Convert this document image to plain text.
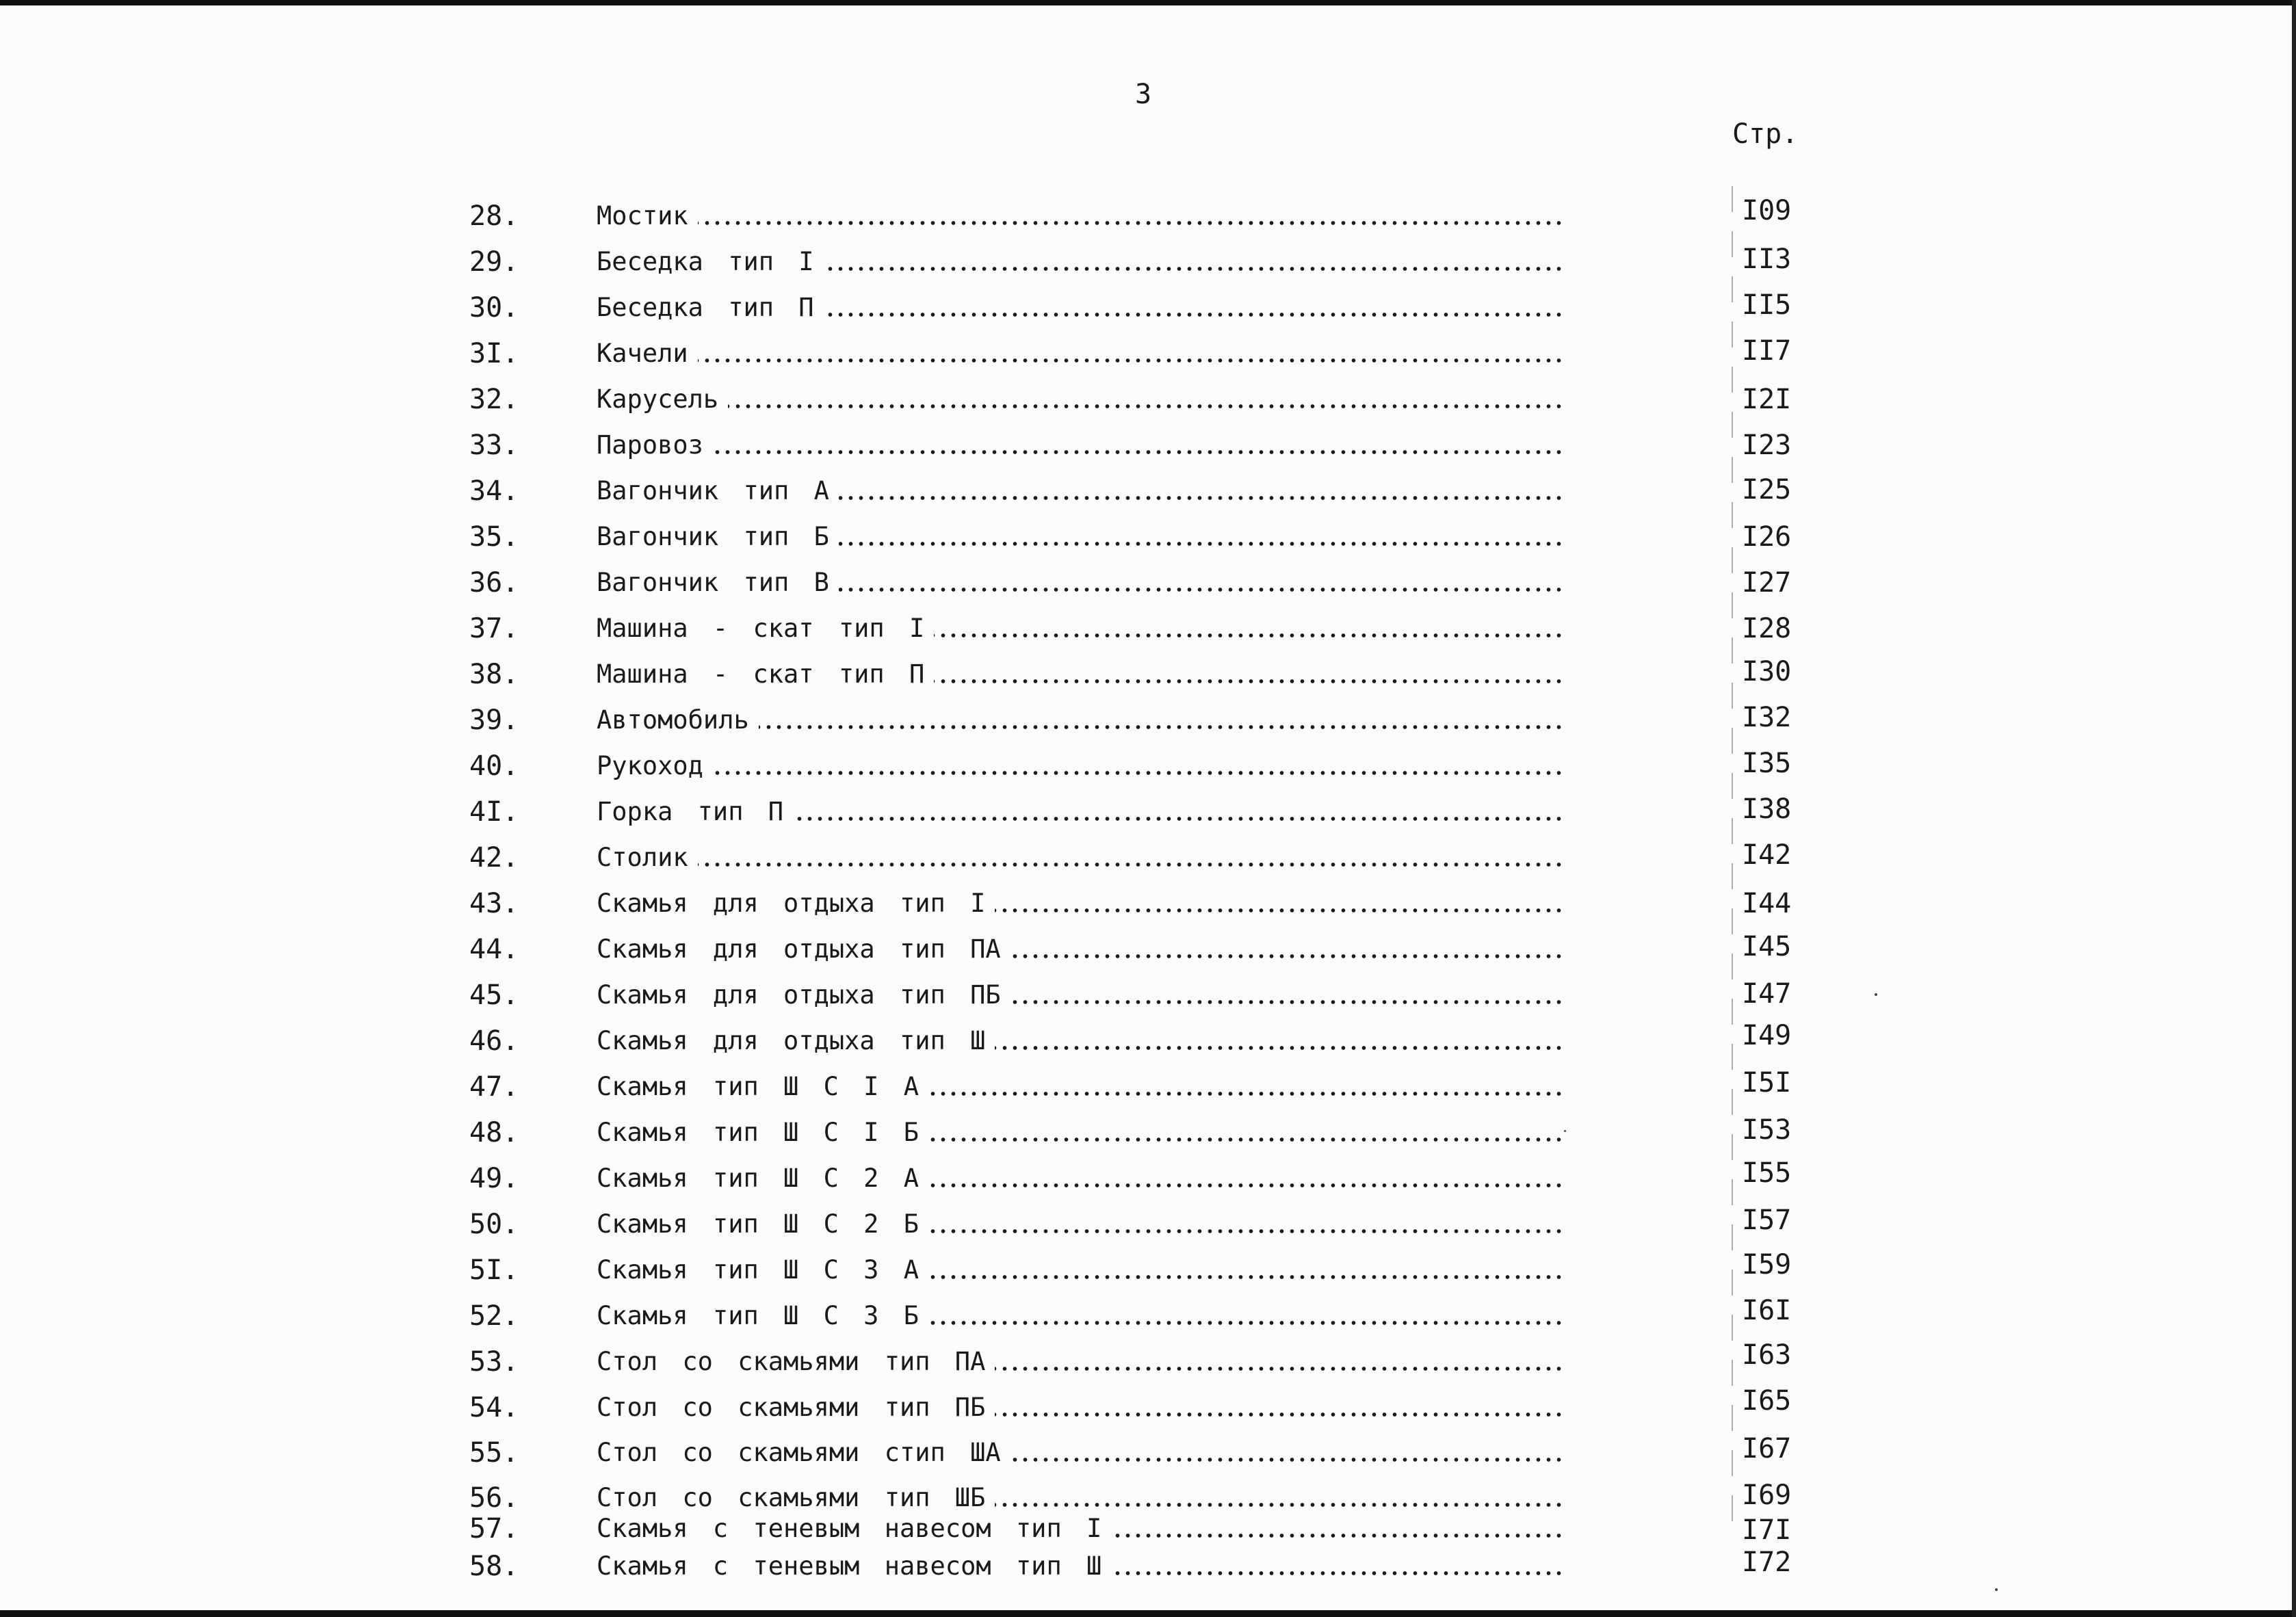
3
Стр.
28.	Мостик	I09
29.	Беседка тип I	II3
30.	Беседка тип П	II5
3I.	Качели	II7
32.	Карусель	I2I
33.	Паровоз	I23
34.	Вагончик тип А	I25
35.	Вагончик тип Б	I26
36.	Вагончик тип В	I27
37.	Машина - скат тип I	I28
38.	Машина - скат тип П	I30
39.	Автомобиль	I32
40.	Рукоход	I35
4I.	Горка тип П	I38
42.	Столик	I42
43.	Скамья для отдыха тип I	I44
44.	Скамья для отдыха тип ПА	I45
45.	Скамья для отдыха тип ПБ	I47
46.	Скамья для отдыха тип Ш	I49
47.	Скамья тип Ш С I А	I5I
48.	Скамья тип Ш С I Б	I53
49.	Скамья тип Ш С 2 А	I55
50.	Скамья тип Ш С 2 Б	I57
5I.	Скамья тип Ш С 3 А	I59
52.	Скамья тип Ш С 3 Б	I6I
53.	Стол со скамьями тип ПА	I63
54.	Стол со скамьями тип ПБ	I65
55.	Стол со скамьями стип ША	I67
56.	Стол со скамьями тип ШБ	I69
57.	Скамья с теневым навесом тип I	I7I
58.	Скамья с теневым навесом тип Ш	I72
